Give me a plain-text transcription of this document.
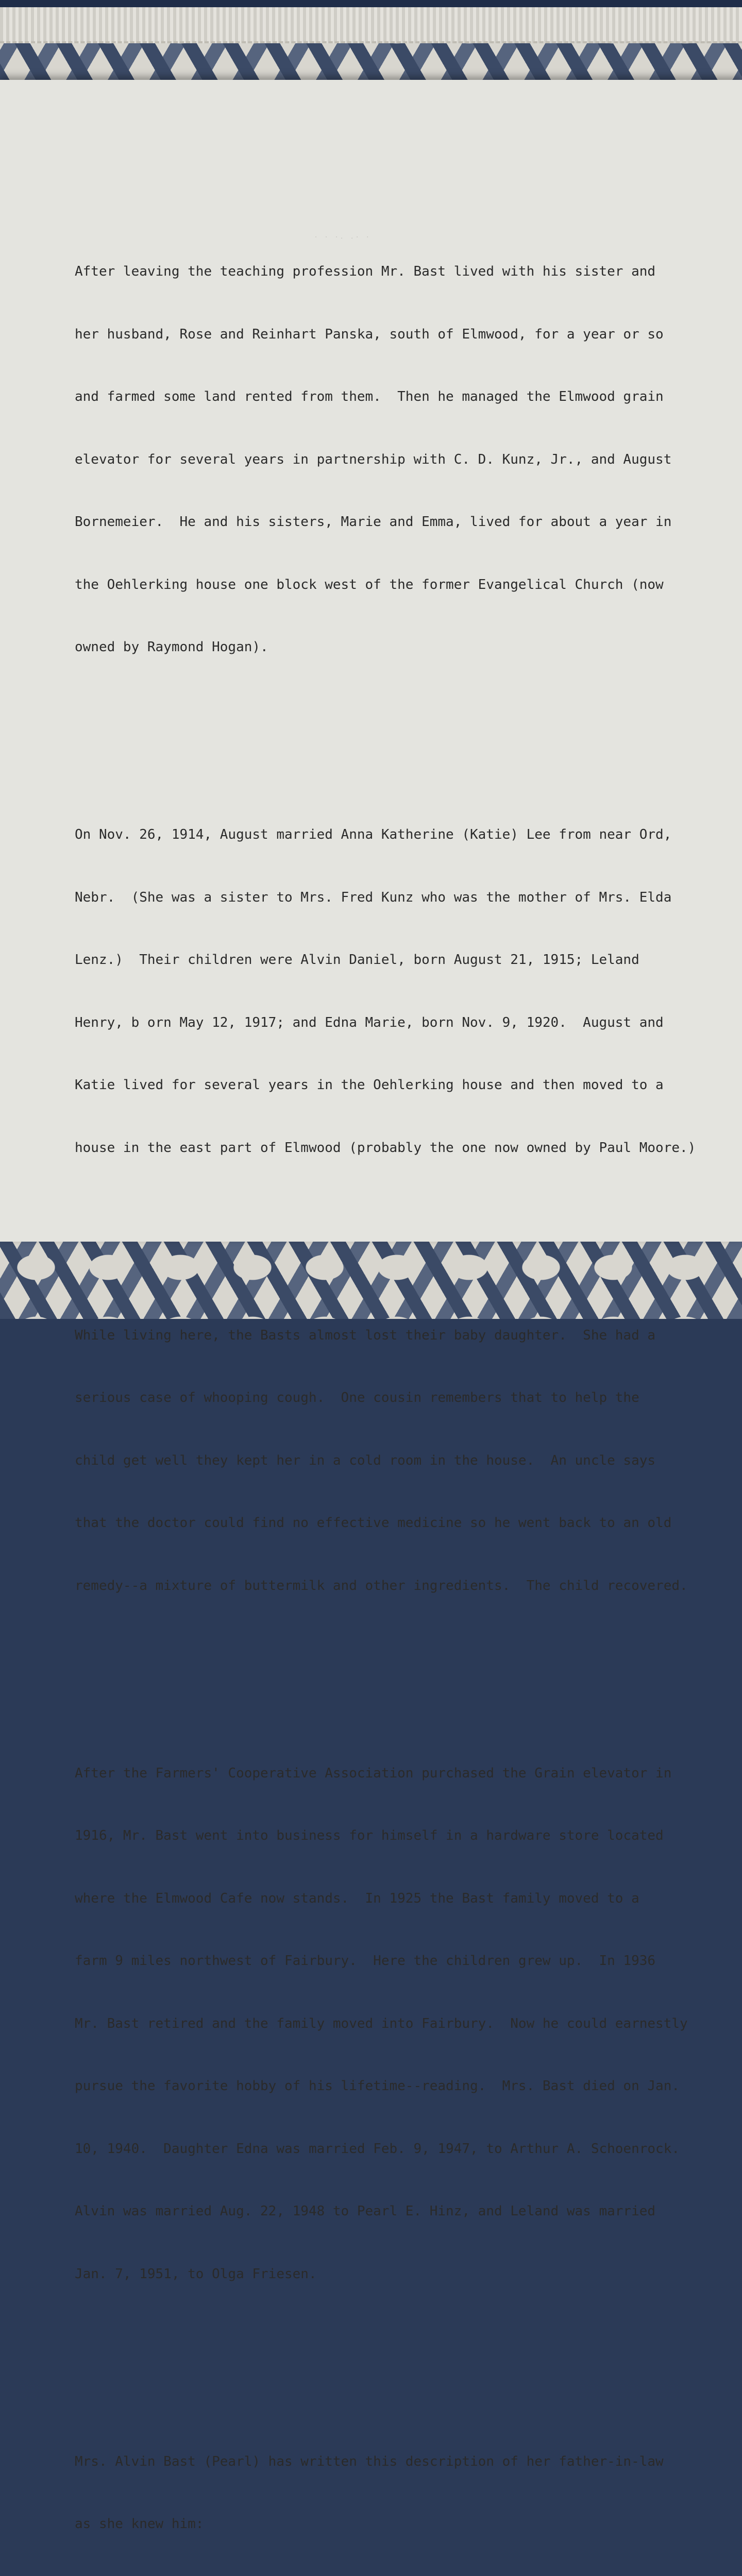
· · ·. .· ·

After leaving the teaching profession Mr. Bast lived with his sister and

her husband, Rose and Reinhart Panska, south of Elmwood, for a year or so

and farmed some land rented from them.  Then he managed the Elmwood grain

elevator for several years in partnership with C. D. Kunz, Jr., and August

Bornemeier.  He and his sisters, Marie and Emma, lived for about a year in

the Oehlerking house one block west of the former Evangelical Church (now

owned by Raymond Hogan).

On Nov. 26, 1914, August married Anna Katherine (Katie) Lee from near Ord,

Nebr.  (She was a sister to Mrs. Fred Kunz who was the mother of Mrs. Elda

Lenz.)  Their children were Alvin Daniel, born August 21, 1915; Leland

Henry, b orn May 12, 1917; and Edna Marie, born Nov. 9, 1920.  August and

Katie lived for several years in the Oehlerking house and then moved to a

house in the east part of Elmwood (probably the one now owned by Paul Moore.)

While living here, the Basts almost lost their baby daughter.  She had a

serious case of whooping cough.  One cousin remembers that to help the

child get well they kept her in a cold room in the house.  An uncle says

that the doctor could find no effective medicine so he went back to an old

remedy--a mixture of buttermilk and other ingredients.  The child recovered.

After the Farmers' Cooperative Association purchased the Grain elevator in

1916, Mr. Bast went into business for himself in a hardware store located

where the Elmwood Cafe now stands.  In 1925 the Bast family moved to a

farm 9 miles northwest of Fairbury.  Here the children grew up.  In 1936

Mr. Bast retired and the family moved into Fairbury.  Now he could earnestly

pursue the favorite hobby of his lifetime--reading.  Mrs. Bast died on Jan.

10, 1940.  Daughter Edna was married Feb. 9, 1947, to Arthur A. Schoenrock.

Alvin was married Aug. 22, 1948 to Pearl E. Hinz, and Leland was married

Jan. 7, 1951, to Olga Friesen.

Mrs. Alvin Bast (Pearl) has written this description of her father-in-law

as she knew him:
